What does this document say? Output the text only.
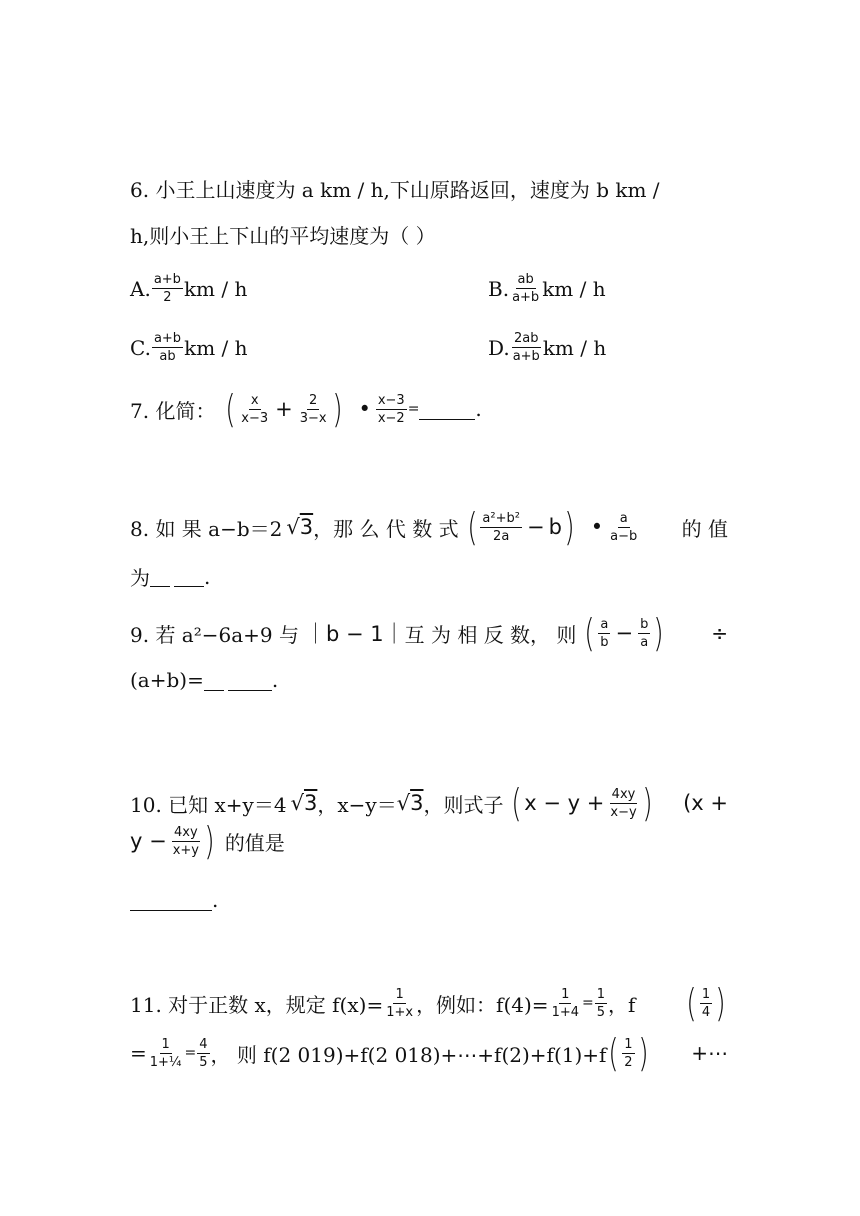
6. 小王上山速度为 a km / h,下山原路返回，速度为 b km /
h,则小王上下山的平均速度为（ ）
A. $\frac{a+b}{2}$ km / h	B. $\frac{ab}{a+b}$ km / h
C. $\frac{a+b}{ab}$ km / h	D. $\frac{2ab}{a+b}$ km / h
7. 化简： ( $\frac{x}{x-3} + \frac{2}{3-x}$ ) • $\frac{x-3}{x-2}$ =	.
8. 如 果 a−b＝2 √3 ，那 么 代 数 式 ( $\frac{\text{a²+b²}}{2a} - b$ ) • $\frac{a}{a-b}$ 的 值
为	.
9. 若 a²−6a+9 与 ｜b − 1｜ 互 为 相 反 数， 则 ( $\frac{a}{b} - \frac{b}{a}$ ) ÷
(a+b)=	.
10. 已知 x+y＝4 √3 ，x−y＝ √3 ，则式子 ( $x - y + \frac{4xy}{x-y}$ ) (x +
$y - \frac{4xy}{x+y}$ ) 的值是
.
11. 对于正数 x，规定 $f(x)= \frac{1}{1+x}$ ，例如：$f(4)= \frac{1}{1+4} = \frac{1}{5}$ ，f ( $\frac{1}{4}$ )
= $\frac{1}{\text{1+¼}} = \frac{4}{5}$ ， 则 f(2 019)+f(2 018)+⋯+f(2)+f(1)+f ( $\frac{1}{2}$ ) +⋯
